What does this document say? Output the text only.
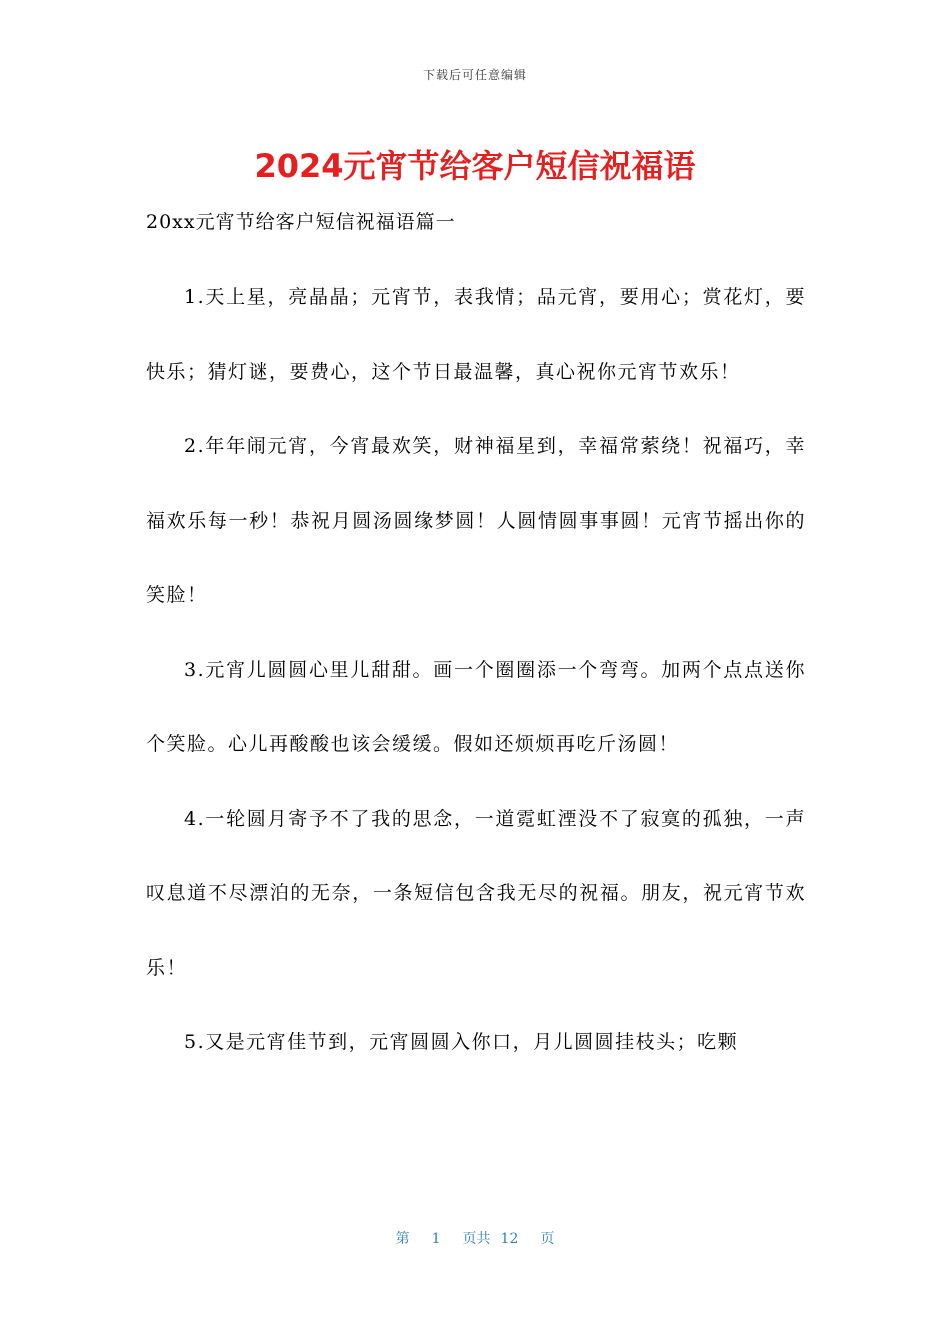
下载后可任意编辑
2024元宵节给客户短信祝福语

20xx元宵节给客户短信祝福语篇一

1.天上星，亮晶晶；元宵节，表我情；品元宵，要用心；赏花灯，要快乐；猜灯谜，要费心，这个节日最温馨，真心祝你元宵节欢乐！

2.年年闹元宵，今宵最欢笑，财神福星到，幸福常萦绕！祝福巧，幸福欢乐每一秒！恭祝月圆汤圆缘梦圆！人圆情圆事事圆！元宵节摇出你的笑脸！

3.元宵儿圆圆心里儿甜甜。画一个圈圈添一个弯弯。加两个点点送你个笑脸。心儿再酸酸也该会缓缓。假如还烦烦再吃斤汤圆！

4.一轮圆月寄予不了我的思念，一道霓虹湮没不了寂寞的孤独，一声叹息道不尽漂泊的无奈，一条短信包含我无尽的祝福。朋友，祝元宵节欢乐！

5.又是元宵佳节到，元宵圆圆入你口，月儿圆圆挂枝头；吃颗

第 1 页共 12 页
